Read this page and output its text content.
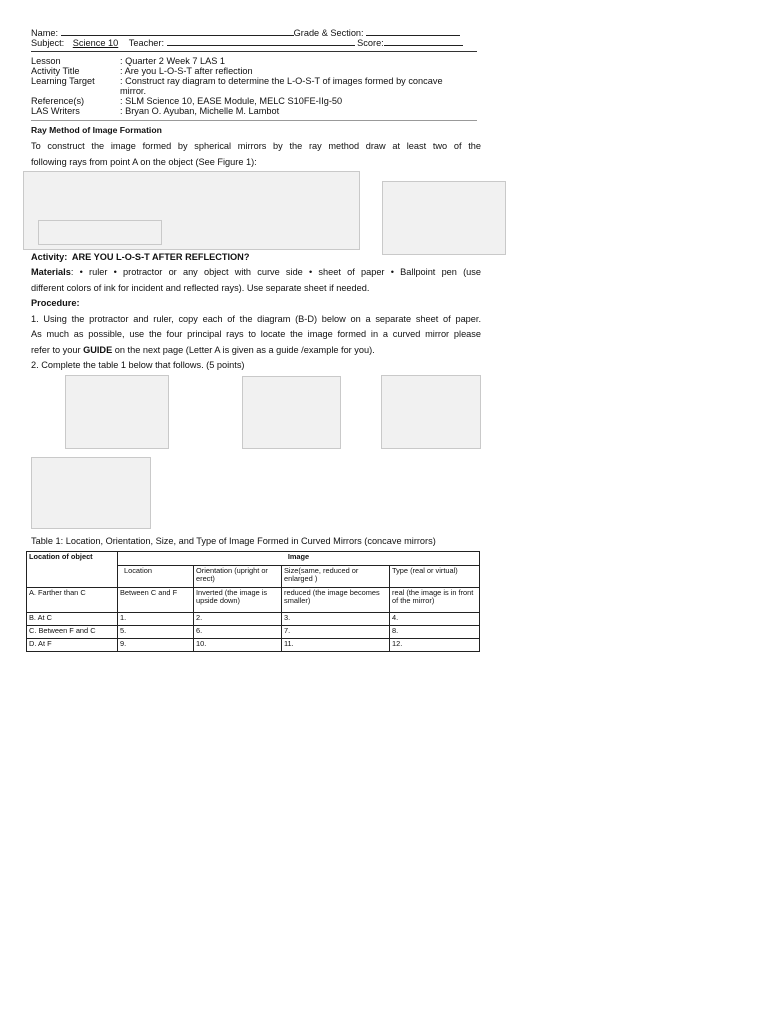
Name:	Grade & Section:
Subject: Science 10 Teacher:	Score:
Lesson	: Quarter 2 Week 7 LAS 1
Activity Title	: Are you L-O-S-T after reflection
Learning Target	: Construct ray diagram to determine the L-O-S-T of images formed by concave
mirror.
Reference(s)	: SLM Science 10, EASE Module, MELC S10FE-IIg-50
LAS Writers	: Bryan O. Ayuban, Michelle M. Lambot
Ray Method of Image Formation
To construct the image formed by spherical mirrors by the ray method draw at least two of the
following rays from point A on the object (See Figure 1):
Activity: ARE YOU L-O-S-T AFTER REFLECTION?
Materials: • ruler • protractor or any object with curve side • sheet of paper • Ballpoint pen (use
different colors of ink for incident and reflected rays). Use separate sheet if needed.
Procedure:
1. Using the protractor and ruler, copy each of the diagram (B-D) below on a separate sheet of paper.
As much as possible, use the four principal rays to locate the image formed in a curved mirror please
refer to your GUIDE on the next page (Letter A is given as a guide /example for you).
2. Complete the table 1 below that follows. (5 points)
Table 1: Location, Orientation, Size, and Type of Image Formed in Curved Mirrors (concave mirrors)
Location of object	Image			
	Location	Orientation (upright or erect)	Size(same, reduced or enlarged )	Type (real or virtual)
A. Farther than C	Between C and F	Inverted (the image is upside down)	reduced (the image becomes smaller)	real (the image is in front of the mirror)
B. At C	1.	2.	3.	4.
C. Between F and C	5.	6.	7.	8.
D. At F	9.	10.	11.	12.
